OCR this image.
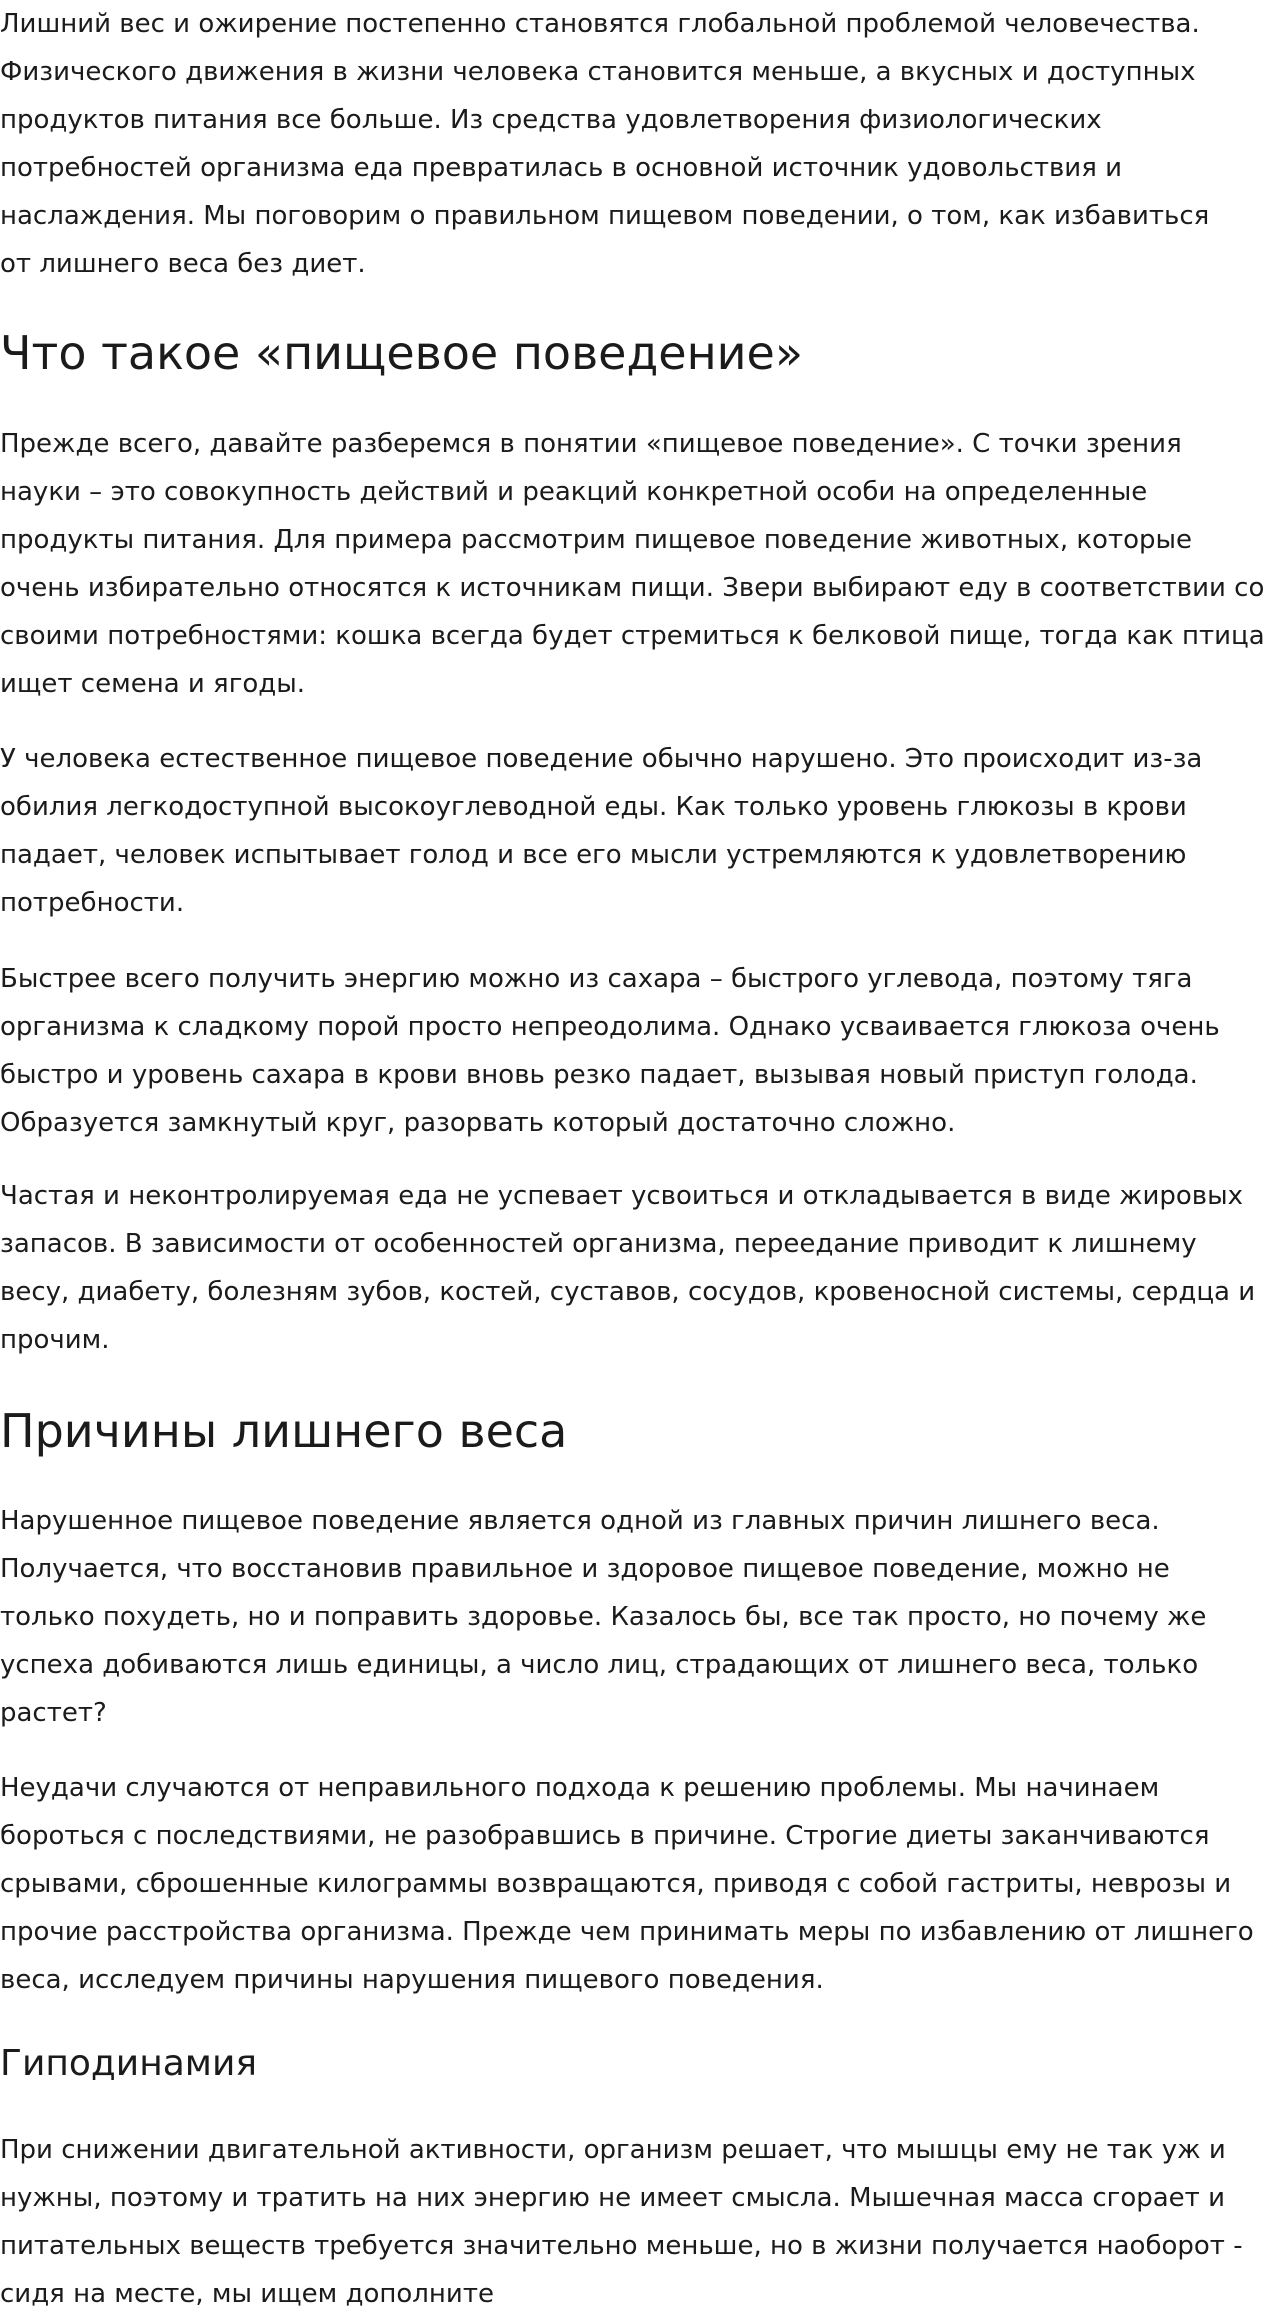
Лишний вес и ожирение постепенно становятся глобальной проблемой человечества. Физического движения в жизни человека становится меньше, а вкусных и доступных продуктов питания все больше. Из средства удовлетворения физиологических потребностей организма еда превратилась в основной источник удовольствия и наслаждения. Мы поговорим о правильном пищевом поведении, о том, как избавиться от лишнего веса без диет.

Что такое «пищевое поведение»

Прежде всего, давайте разберемся в понятии «пищевое поведение». С точки зрения науки – это совокупность действий и реакций конкретной особи на определенные продукты питания. Для примера рассмотрим пищевое поведение животных, которые очень избирательно относятся к источникам пищи. Звери выбирают еду в соответствии со своими потребностями: кошка всегда будет стремиться к белковой пище, тогда как птица ищет семена и ягоды.

У человека естественное пищевое поведение обычно нарушено. Это происходит из-за обилия легкодоступной высокоуглеводной еды. Как только уровень глюкозы в крови падает, человек испытывает голод и все его мысли устремляются к удовлетворению потребности.

Быстрее всего получить энергию можно из сахара – быстрого углевода, поэтому тяга организма к сладкому порой просто непреодолима. Однако усваивается глюкоза очень быстро и уровень сахара в крови вновь резко падает, вызывая новый приступ голода. Образуется замкнутый круг, разорвать который достаточно сложно.

Частая и неконтролируемая еда не успевает усвоиться и откладывается в виде жировых запасов. В зависимости от особенностей организма, переедание приводит к лишнему весу, диабету, болезням зубов, костей, суставов, сосудов, кровеносной системы, сердца и прочим.

Причины лишнего веса

Нарушенное пищевое поведение является одной из главных причин лишнего веса. Получается, что восстановив правильное и здоровое пищевое поведение, можно не только похудеть, но и поправить здоровье. Казалось бы, все так просто, но почему же успеха добиваются лишь единицы, а число лиц, страдающих от лишнего веса, только растет?

Неудачи случаются от неправильного подхода к решению проблемы. Мы начинаем бороться с последствиями, не разобравшись в причине. Строгие диеты заканчиваются срывами, сброшенные килограммы возвращаются, приводя с собой гастриты, неврозы и прочие расстройства организма. Прежде чем принимать меры по избавлению от лишнего веса, исследуем причины нарушения пищевого поведения.

Гиподинамия

При снижении двигательной активности, организм решает, что мышцы ему не так уж и нужны, поэтому и тратить на них энергию не имеет смысла. Мышечная масса сгорает и питательных веществ требуется значительно меньше, но в жизни получается наоборот - сидя на месте, мы ищем дополните
